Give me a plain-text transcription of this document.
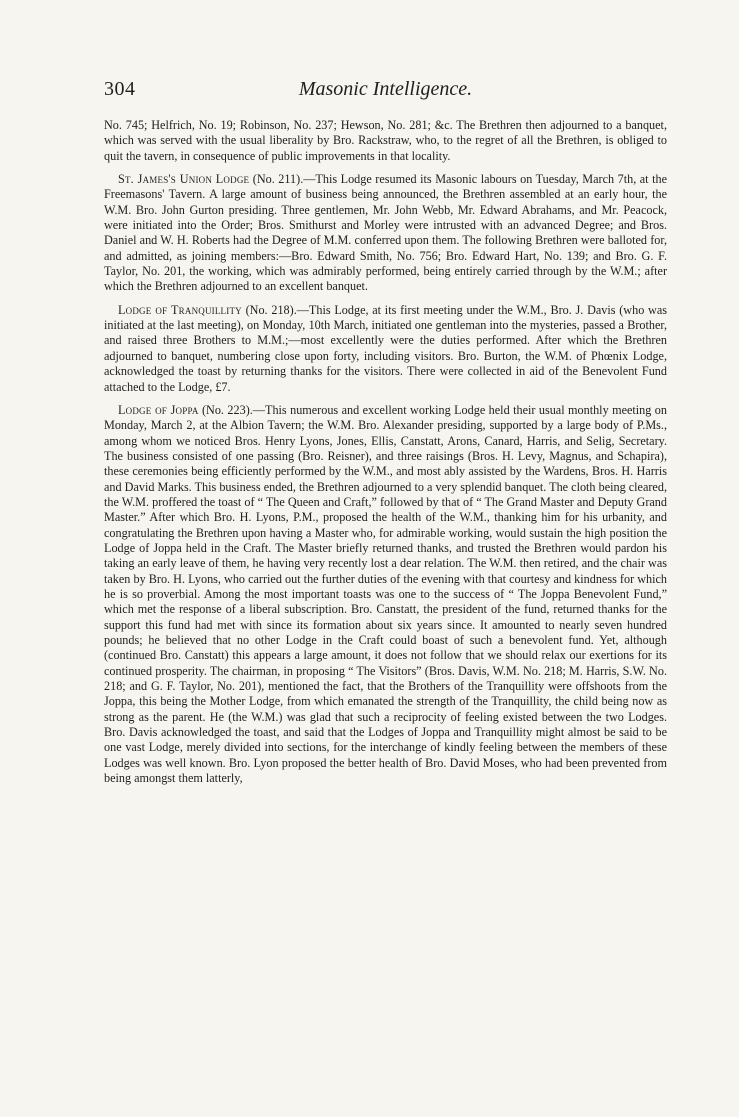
304	Masonic Intelligence.

No. 745; Helfrich, No. 19; Robinson, No. 237; Hewson, No. 281; &c. The Brethren then adjourned to a banquet, which was served with the usual liberality by Bro. Rackstraw, who, to the regret of all the Brethren, is obliged to quit the tavern, in consequence of public improvements in that locality.

St. James's Union Lodge (No. 211).—This Lodge resumed its Masonic labours on Tuesday, March 7th, at the Freemasons' Tavern. A large amount of business being announced, the Brethren assembled at an early hour, the W.M. Bro. John Gurton presiding. Three gentlemen, Mr. John Webb, Mr. Edward Abrahams, and Mr. Peacock, were initiated into the Order; Bros. Smithurst and Morley were intrusted with an advanced Degree; and Bros. Daniel and W. H. Roberts had the Degree of M.M. conferred upon them. The following Brethren were balloted for, and admitted, as joining members:—Bro. Edward Smith, No. 756; Bro. Edward Hart, No. 139; and Bro. G. F. Taylor, No. 201, the working, which was admirably performed, being entirely carried through by the W.M.; after which the Brethren adjourned to an excellent banquet.

Lodge of Tranquillity (No. 218).—This Lodge, at its first meeting under the W.M., Bro. J. Davis (who was initiated at the last meeting), on Monday, 10th March, initiated one gentleman into the mysteries, passed a Brother, and raised three Brothers to M.M.;—most excellently were the duties performed. After which the Brethren adjourned to banquet, numbering close upon forty, including visitors. Bro. Burton, the W.M. of Phœnix Lodge, acknowledged the toast by returning thanks for the visitors. There were collected in aid of the Benevolent Fund attached to the Lodge, £7.

Lodge of Joppa (No. 223).—This numerous and excellent working Lodge held their usual monthly meeting on Monday, March 2, at the Albion Tavern; the W.M. Bro. Alexander presiding, supported by a large body of P.Ms., among whom we noticed Bros. Henry Lyons, Jones, Ellis, Canstatt, Arons, Canard, Harris, and Selig, Secretary. The business consisted of one passing (Bro. Reisner), and three raisings (Bros. H. Levy, Magnus, and Schapira), these ceremonies being efficiently performed by the W.M., and most ably assisted by the Wardens, Bros. H. Harris and David Marks. This business ended, the Brethren adjourned to a very splendid banquet. The cloth being cleared, the W.M. proffered the toast of “ The Queen and Craft,” followed by that of “ The Grand Master and Deputy Grand Master.” After which Bro. H. Lyons, P.M., proposed the health of the W.M., thanking him for his urbanity, and congratulating the Brethren upon having a Master who, for admirable working, would sustain the high position the Lodge of Joppa held in the Craft. The Master briefly returned thanks, and trusted the Brethren would pardon his taking an early leave of them, he having very recently lost a dear relation. The W.M. then retired, and the chair was taken by Bro. H. Lyons, who carried out the further duties of the evening with that courtesy and kindness for which he is so proverbial. Among the most important toasts was one to the success of “ The Joppa Benevolent Fund,” which met the response of a liberal subscription. Bro. Canstatt, the president of the fund, returned thanks for the support this fund had met with since its formation about six years since. It amounted to nearly seven hundred pounds; he believed that no other Lodge in the Craft could boast of such a benevolent fund. Yet, although (continued Bro. Canstatt) this appears a large amount, it does not follow that we should relax our exertions for its continued prosperity. The chairman, in proposing “ The Visitors” (Bros. Davis, W.M. No. 218; M. Harris, S.W. No. 218; and G. F. Taylor, No. 201), mentioned the fact, that the Brothers of the Tranquillity were offshoots from the Joppa, this being the Mother Lodge, from which emanated the strength of the Tranquillity, the child being now as strong as the parent. He (the W.M.) was glad that such a reciprocity of feeling existed between the two Lodges. Bro. Davis acknowledged the toast, and said that the Lodges of Joppa and Tranquillity might almost be said to be one vast Lodge, merely divided into sections, for the interchange of kindly feeling between the members of these Lodges was well known. Bro. Lyon proposed the better health of Bro. David Moses, who had been prevented from being amongst them latterly,
